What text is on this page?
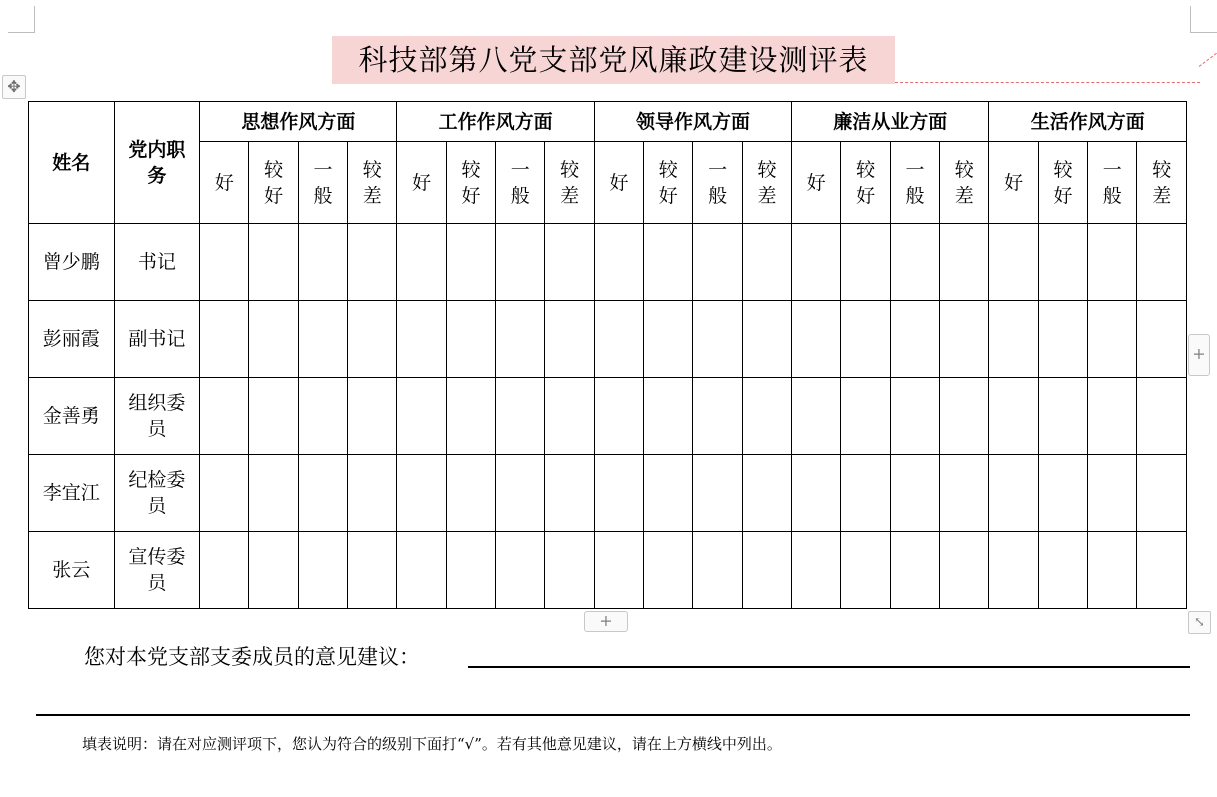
科技部第八党支部党风廉政建设测评表
✥
姓名	党内职务	思想作风方面				工作作风方面				领导作风方面				廉洁从业方面				生活作风方面			
		好	较好	一般	较差	好	较好	一般	较差	好	较好	一般	较差	好	较好	一般	较差	好	较好	一般	较差
曾少鹏	书记																				
彭丽霞	副书记																				
金善勇	组织委员																				
李宜江	纪检委员																				
张云	宣传委员																				
+
+	⤡
您对本党支部支委成员的意见建议：
填表说明：请在对应测评项下，您认为符合的级别下面打“√”。若有其他意见建议，请在上方横线中列出。
